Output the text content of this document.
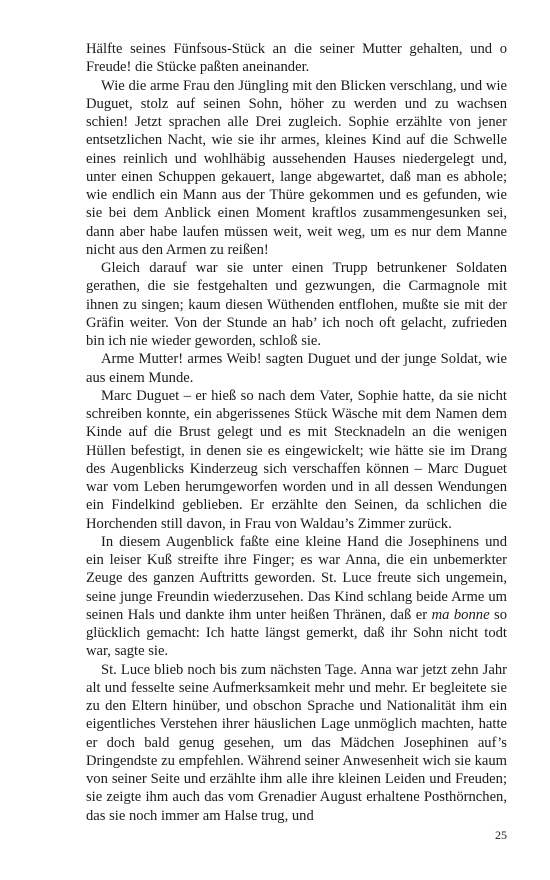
Hälfte seines Fünfsous-Stück an die seiner Mutter gehalten, und o Freude! die Stücke paßten aneinander.

Wie die arme Frau den Jüngling mit den Blicken verschlang, und wie Duguet, stolz auf seinen Sohn, höher zu werden und zu wachsen schien! Jetzt sprachen alle Drei zugleich. Sophie erzählte von jener entsetzlichen Nacht, wie sie ihr armes, kleines Kind auf die Schwelle eines reinlich und wohlhäbig aussehenden Hauses niedergelegt und, unter einen Schuppen gekauert, lange abgewartet, daß man es abhole; wie endlich ein Mann aus der Thüre gekommen und es gefunden, wie sie bei dem Anblick einen Moment kraftlos zusammengesunken sei, dann aber habe laufen müssen weit, weit weg, um es nur dem Manne nicht aus den Armen zu reißen!

Gleich darauf war sie unter einen Trupp betrunkener Soldaten gerathen, die sie festgehalten und gezwungen, die Carmagnole mit ihnen zu singen; kaum diesen Wüthenden entflohen, mußte sie mit der Gräfin weiter. Von der Stunde an hab’ ich noch oft gelacht, zufrieden bin ich nie wieder geworden, schloß sie.

Arme Mutter! armes Weib! sagten Duguet und der junge Soldat, wie aus einem Munde.

Marc Duguet – er hieß so nach dem Vater, Sophie hatte, da sie nicht schreiben konnte, ein abgerissenes Stück Wäsche mit dem Namen dem Kinde auf die Brust gelegt und es mit Stecknadeln an die wenigen Hüllen befestigt, in denen sie es eingewickelt; wie hätte sie im Drang des Augenblicks Kinderzeug sich verschaffen können – Marc Duguet war vom Leben herumgeworfen worden und in all dessen Wendungen ein Findelkind geblieben. Er erzählte den Seinen, da schlichen die Horchenden still davon, in Frau von Waldau’s Zimmer zurück.

In diesem Augenblick faßte eine kleine Hand die Josephinens und ein leiser Kuß streifte ihre Finger; es war Anna, die ein unbemerkter Zeuge des ganzen Auftritts geworden. St. Luce freute sich ungemein, seine junge Freundin wiederzusehen. Das Kind schlang beide Arme um seinen Hals und dankte ihm unter heißen Thränen, daß er ma bonne so glücklich gemacht: Ich hatte längst gemerkt, daß ihr Sohn nicht todt war, sagte sie.

St. Luce blieb noch bis zum nächsten Tage. Anna war jetzt zehn Jahr alt und fesselte seine Aufmerksamkeit mehr und mehr. Er begleitete sie zu den Eltern hinüber, und obschon Sprache und Nationalität ihm ein eigentliches Verstehen ihrer häuslichen Lage unmöglich machten, hatte er doch bald genug gesehen, um das Mädchen Josephinen auf’s Dringendste zu empfehlen. Während seiner Anwesenheit wich sie kaum von seiner Seite und erzählte ihm alle ihre kleinen Leiden und Freuden; sie zeigte ihm auch das vom Grenadier August erhaltene Posthörnchen, das sie noch immer am Halse trug, und

25
